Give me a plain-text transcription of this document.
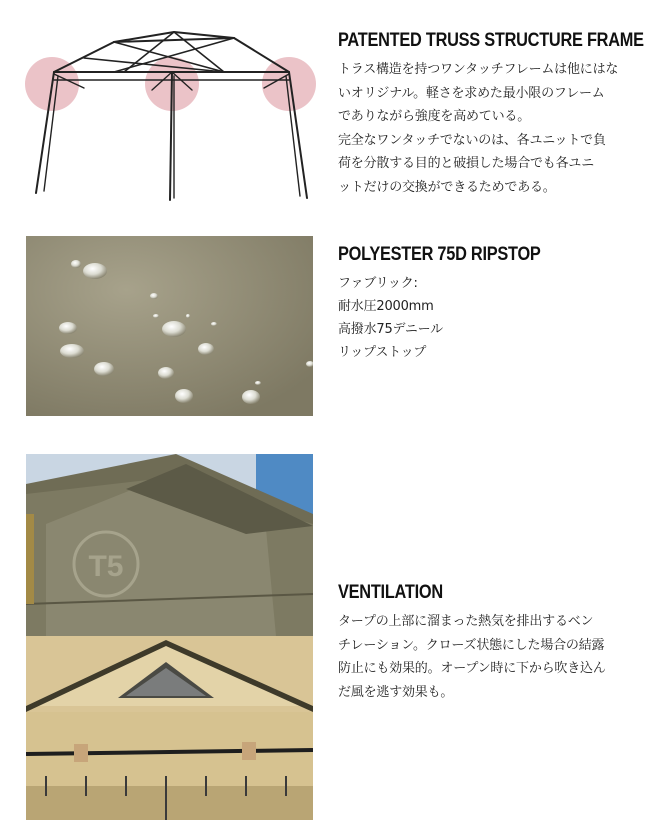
PATENTED TRUSS STRUCTURE FRAME
トラス構造を持つワンタッチフレームは他にはな
いオリジナル。軽さを求めた最小限のフレーム
でありながら強度を高めている。
完全なワンタッチでないのは、各ユニットで負
荷を分散する目的と破損した場合でも各ユニ
ットだけの交換ができるためである。
POLYESTER 75D RIPSTOP
ファブリック:
耐水圧2000mm
高撥水75デニール
リップストップ
T5
VENTILATION
タープの上部に溜まった熱気を排出するベン
チレーション。クローズ状態にした場合の結露
防止にも効果的。オープン時に下から吹き込ん
だ風を逃す効果も。
